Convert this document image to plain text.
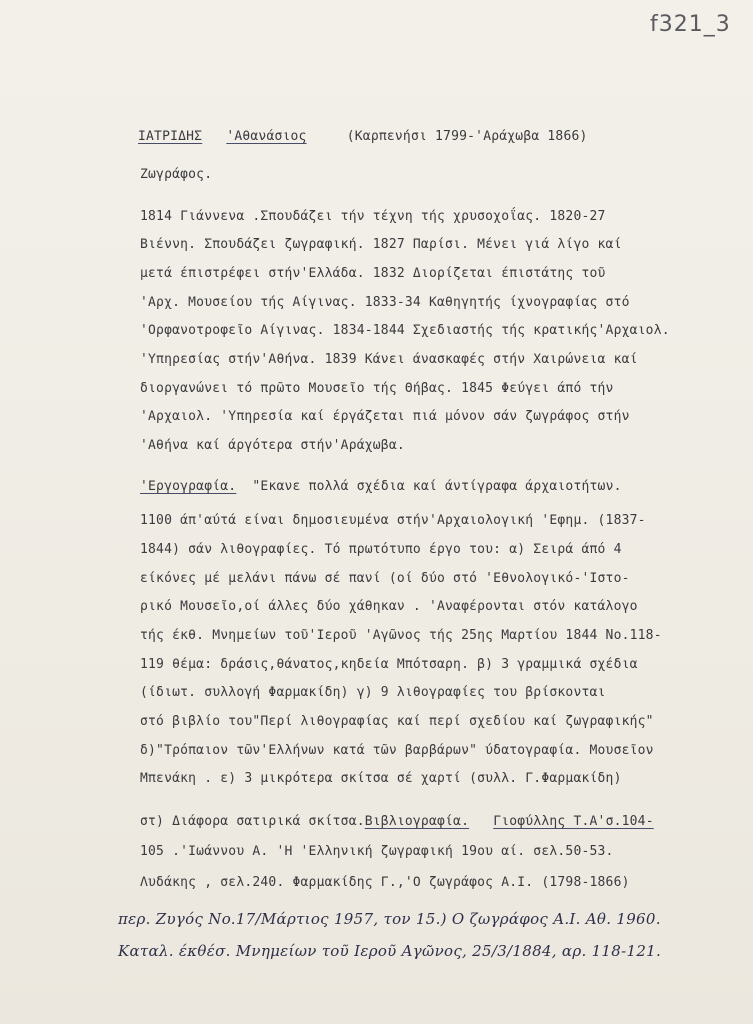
f321_3
ΙΑΤΡΙΔΗΣ 'Αθανάσιος	(Καρπενήσι 1799-'Αράχωβα 1866)
Ζωγράφος.
1814 Γιάννενα .Σπουδάζει τήν τέχνη τής χρυσοχοΐας. 1820-27
Βιέννη. Σπουδάζει ζωγραφική. 1827 Παρίσι. Μένει γιά λίγο καί
μετά έπιστρέφει στήν'Ελλάδα. 1832 Διορίζεται έπιστάτης τοῦ
'Αρχ. Μουσείου τής Αίγινας. 1833-34 Καθηγητής ίχνογραφίας στό
'Ορφανοτροφεῖο Αίγινας. 1834-1844 Σχεδιαστής τής κρατικής'Αρχαιολ.
'Υπηρεσίας στήν'Αθήνα. 1839 Κάνει άνασκαφές στήν Χαιρώνεια καί
διοργανώνει τό πρῶτο Μουσεῖο τής Θήβας. 1845 Φεύγει άπό τήν
'Αρχαιολ. 'Υπηρεσία καί έργάζεται πιά μόνον σάν ζωγράφος στήν
'Αθήνα καί άργότερα στήν'Αράχωβα.
'Εργογραφία. "Εκανε πολλά σχέδια καί άντίγραφα άρχαιοτήτων.
1100 άπ'αύτά είναι δημοσιευμένα στήν'Αρχαιολογική 'Εφημ. (1837-
1844) σάν λιθογραφίες. Τό πρωτότυπο έργο του: α) Σειρά άπό 4
είκόνες μέ μελάνι πάνω σέ πανί (οί δύο στό 'Εθνολογικό-'Ιστο-
ρικό Μουσεῖο,οί άλλες δύο χάθηκαν . 'Αναφέρονται στόν κατάλογο
τής έκθ. Μνημείων τοῦ'Ιεροῦ 'Αγῶνος τής 25ης Μαρτίου 1844 No.118-
119 θέμα: δράσις,θάνατος,κηδεία Μπότσαρη. β) 3 γραμμικά σχέδια
(ίδιωτ. συλλογή Φαρμακίδη) γ) 9 λιθογραφίες του βρίσκονται
στό βιβλίο του"Περί λιθογραφίας καί περί σχεδίου καί ζωγραφικής"
δ)"Τρόπαιον τῶν'Ελλήνων κατά τῶν βαρβάρων" ύδατογραφία. Μουσεῖον
Μπενάκη . ε) 3 μικρότερα σκίτσα σέ χαρτί (συλλ. Γ.Φαρμακίδη)
στ) Διάφορα σατιρικά σκίτσα.Βιβλιογραφία. Γιοφύλλης Τ.Α'σ.104-
105 .'Ιωάννου Α. 'Η 'Ελληνική ζωγραφική 19ου αί. σελ.50-53.
Λυδάκης , σελ.240. Φαρμακίδης Γ.,'Ο ζωγράφος Α.Ι. (1798-1866)
περ. Ζυγός No.17/Μάρτιος 1957, τον 15.) Ο ζωγράφος Α.Ι. Αθ. 1960.
Καταλ. έκθέσ. Μνημείων τοῦ Ιεροῦ Αγῶνος, 25/3/1884, αρ. 118-121.
